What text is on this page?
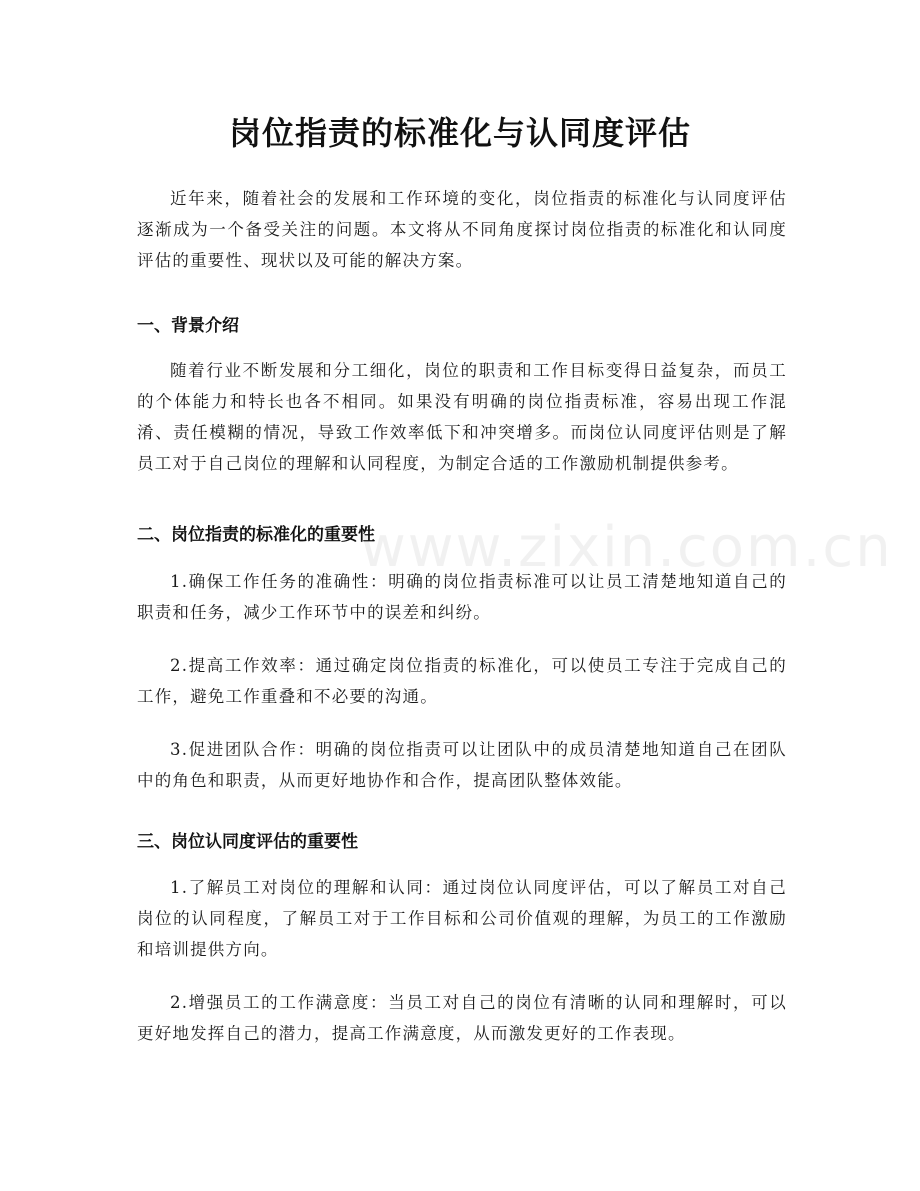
www.zixin.com.cn
岗位指责的标准化与认同度评估

近年来，随着社会的发展和工作环境的变化，岗位指责的标准化与认同度评估逐渐成为一个备受关注的问题。本文将从不同角度探讨岗位指责的标准化和认同度评估的重要性、现状以及可能的解决方案。

一、背景介绍

随着行业不断发展和分工细化，岗位的职责和工作目标变得日益复杂，而员工的个体能力和特长也各不相同。如果没有明确的岗位指责标准，容易出现工作混淆、责任模糊的情况，导致工作效率低下和冲突增多。而岗位认同度评估则是了解员工对于自己岗位的理解和认同程度，为制定合适的工作激励机制提供参考。

二、岗位指责的标准化的重要性

1.确保工作任务的准确性：明确的岗位指责标准可以让员工清楚地知道自己的职责和任务，减少工作环节中的误差和纠纷。

2.提高工作效率：通过确定岗位指责的标准化，可以使员工专注于完成自己的工作，避免工作重叠和不必要的沟通。

3.促进团队合作：明确的岗位指责可以让团队中的成员清楚地知道自己在团队中的角色和职责，从而更好地协作和合作，提高团队整体效能。

三、岗位认同度评估的重要性

1.了解员工对岗位的理解和认同：通过岗位认同度评估，可以了解员工对自己岗位的认同程度，了解员工对于工作目标和公司价值观的理解，为员工的工作激励和培训提供方向。

2.增强员工的工作满意度：当员工对自己的岗位有清晰的认同和理解时，可以更好地发挥自己的潜力，提高工作满意度，从而激发更好的工作表现。
